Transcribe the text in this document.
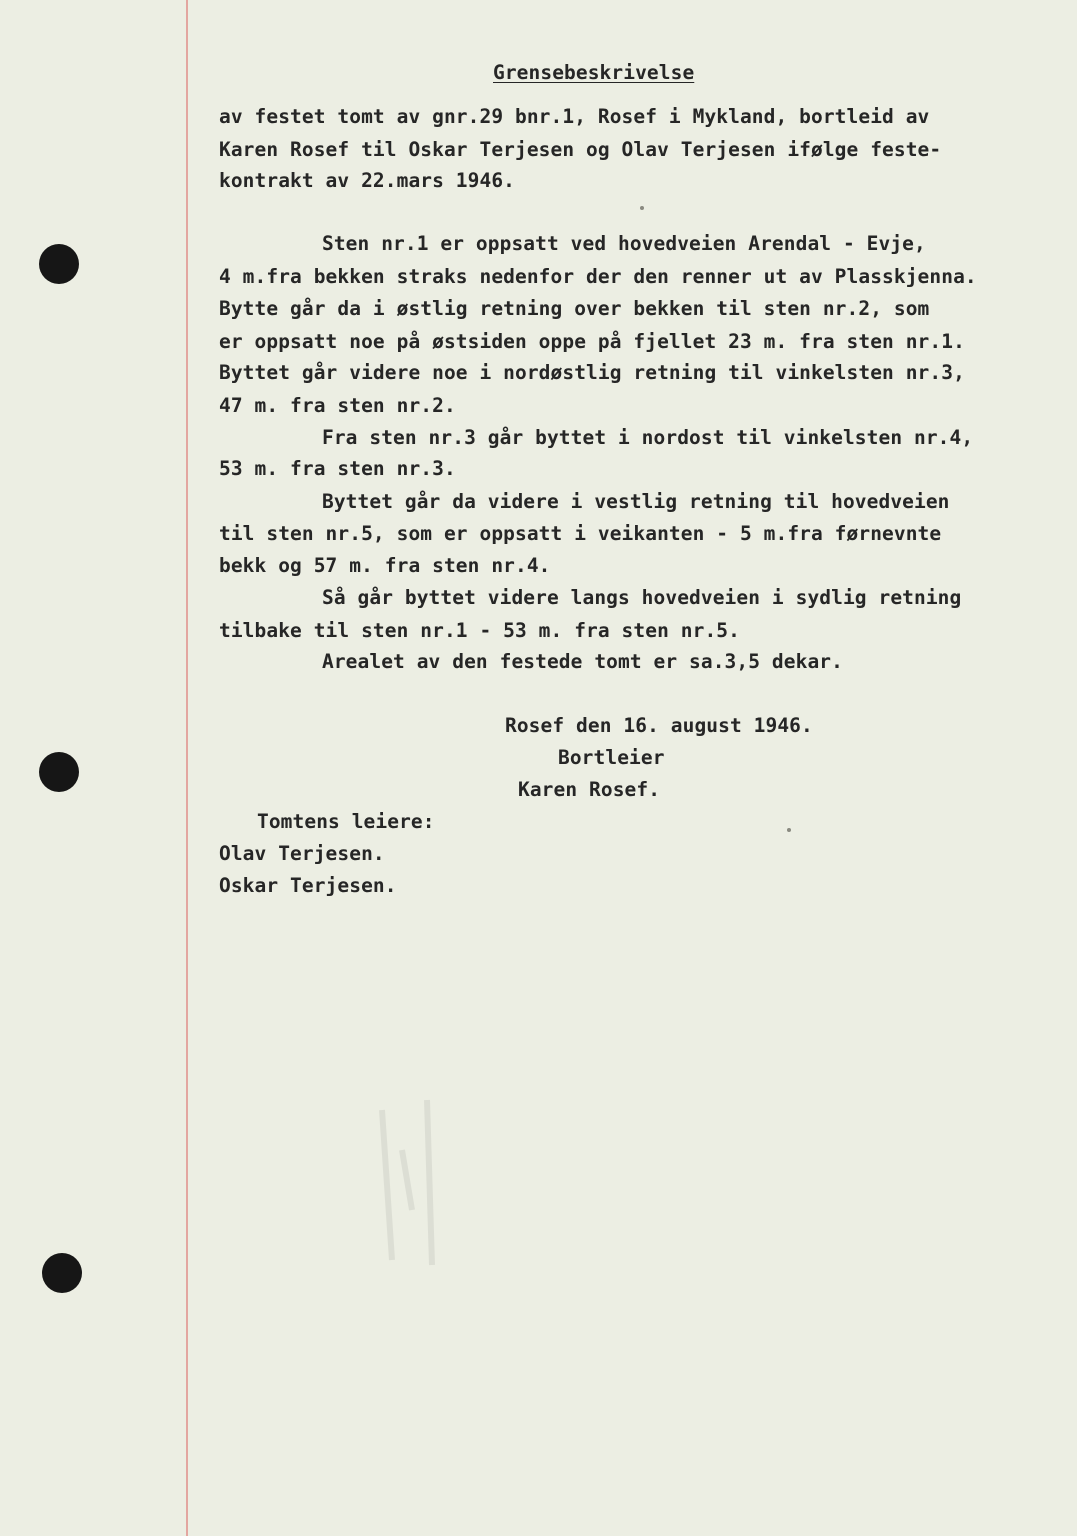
Grensebeskrivelse
av festet tomt av gnr.29 bnr.1, Rosef i Mykland, bortleid av
Karen Rosef til Oskar Terjesen og Olav Terjesen ifølge feste-
kontrakt av 22.mars 1946.
Sten nr.1 er oppsatt ved hovedveien Arendal - Evje,
4 m.fra bekken straks nedenfor der den renner ut av Plasskjenna.
Bytte går da i østlig retning over bekken til sten nr.2, som
er oppsatt noe på østsiden oppe på fjellet 23 m. fra sten nr.1.
Byttet går videre noe i nordøstlig retning til vinkelsten nr.3,
47 m. fra sten nr.2.
Fra sten nr.3 går byttet i nordost til vinkelsten nr.4,
53 m. fra sten nr.3.
Byttet går da videre i vestlig retning til hovedveien
til sten nr.5, som er oppsatt i veikanten - 5 m.fra førnevnte
bekk og 57 m. fra sten nr.4.
Så går byttet videre langs hovedveien i sydlig retning
tilbake til sten nr.1 - 53 m. fra sten nr.5.
Arealet av den festede tomt er sa.3,5 dekar.
Rosef den 16. august 1946.
Bortleier
Karen Rosef.
Tomtens leiere:
Olav Terjesen.
Oskar Terjesen.
